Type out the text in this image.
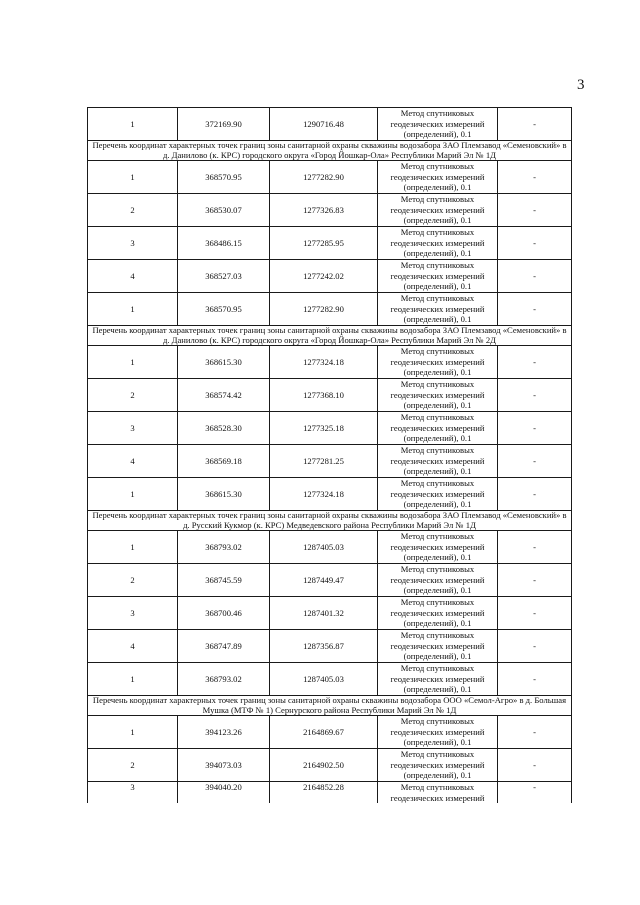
3
1	372169.90	1290716.48	Метод спутниковых геодезических измерений (определений), 0.1	-
Перечень координат характерных точек границ зоны санитарной охраны скважины водозабора ЗАО Племзавод «Семеновский» в д. Данилово (к. КРС) городского округа «Город Йошкар-Ола» Республики Марий Эл № 1Д				
1	368570.95	1277282.90	Метод спутниковых геодезических измерений (определений), 0.1	-
2	368530.07	1277326.83	Метод спутниковых геодезических измерений (определений), 0.1	-
3	368486.15	1277285.95	Метод спутниковых геодезических измерений (определений), 0.1	-
4	368527.03	1277242.02	Метод спутниковых геодезических измерений (определений), 0.1	-
1	368570.95	1277282.90	Метод спутниковых геодезических измерений (определений), 0.1	-
Перечень координат характерных точек границ зоны санитарной охраны скважины водозабора ЗАО Племзавод «Семеновский» в д. Данилово (к. КРС) городского округа «Город Йошкар-Ола» Республики Марий Эл № 2Д				
1	368615.30	1277324.18	Метод спутниковых геодезических измерений (определений), 0.1	-
2	368574.42	1277368.10	Метод спутниковых геодезических измерений (определений), 0.1	-
3	368528.30	1277325.18	Метод спутниковых геодезических измерений (определений), 0.1	-
4	368569.18	1277281.25	Метод спутниковых геодезических измерений (определений), 0.1	-
1	368615.30	1277324.18	Метод спутниковых геодезических измерений (определений), 0.1	-
Перечень координат характерных точек границ зоны санитарной охраны скважины водозабора ЗАО Племзавод «Семеновский» в д. Русский Кукмор (к. КРС) Медведевского района Республики Марий Эл № 1Д				
1	368793.02	1287405.03	Метод спутниковых геодезических измерений (определений), 0.1	-
2	368745.59	1287449.47	Метод спутниковых геодезических измерений (определений), 0.1	-
3	368700.46	1287401.32	Метод спутниковых геодезических измерений (определений), 0.1	-
4	368747.89	1287356.87	Метод спутниковых геодезических измерений (определений), 0.1	-
1	368793.02	1287405.03	Метод спутниковых геодезических измерений (определений), 0.1	-
Перечень координат характерных точек границ зоны санитарной охраны скважины водозабора ООО «Семол-Агро» в д. Большая Мушка (МТФ № 1) Сернурского района Республики Марий Эл № 1Д				
1	394123.26	2164869.67	Метод спутниковых геодезических измерений (определений), 0.1	-
2	394073.03	2164902.50	Метод спутниковых геодезических измерений (определений), 0.1	-
3	394040.20	2164852.28	Метод спутниковых геодезических измерений	-
